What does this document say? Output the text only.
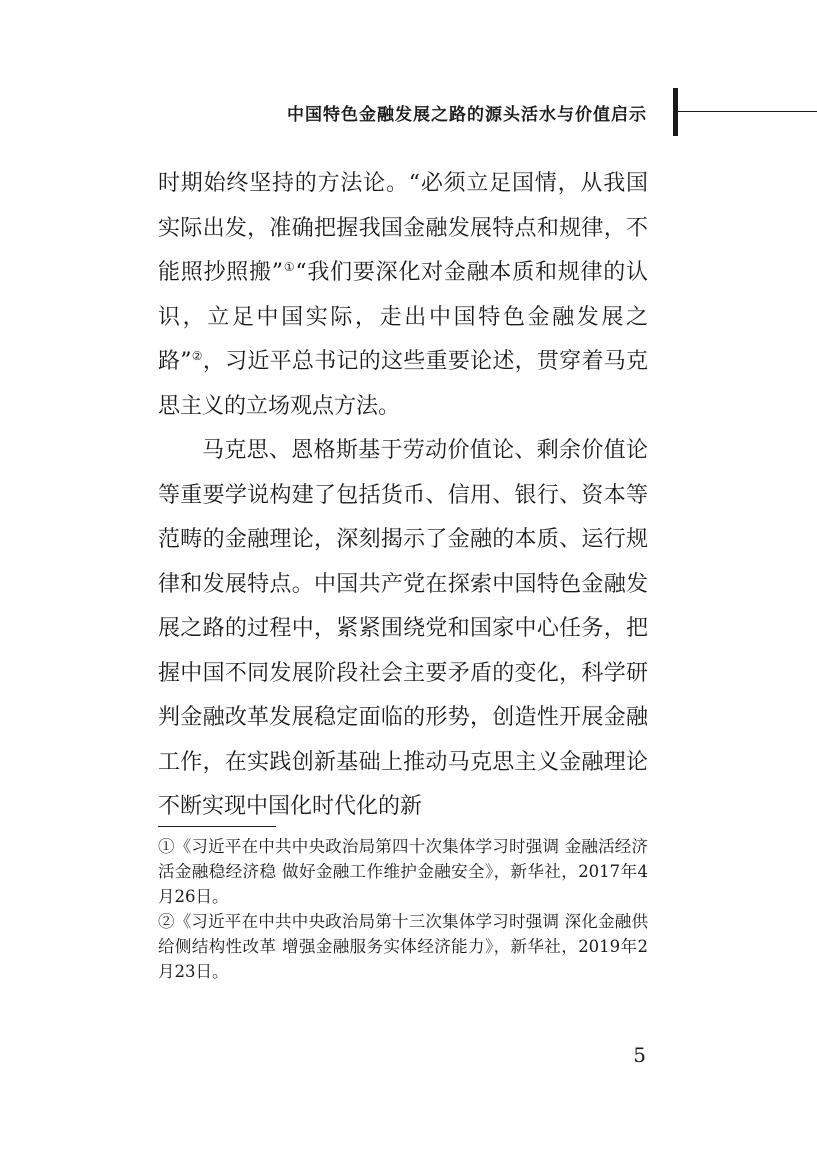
中国特色金融发展之路的源头活水与价值启示

时期始终坚持的方法论。“必须立足国情，从我国实际出发，准确把握我国金融发展特点和规律，不能照抄照搬”①“我们要深化对金融本质和规律的认识，立足中国实际，走出中国特色金融发展之路”②，习近平总书记的这些重要论述，贯穿着马克思主义的立场观点方法。

马克思、恩格斯基于劳动价值论、剩余价值论等重要学说构建了包括货币、信用、银行、资本等范畴的金融理论，深刻揭示了金融的本质、运行规律和发展特点。中国共产党在探索中国特色金融发展之路的过程中，紧紧围绕党和国家中心任务，把握中国不同发展阶段社会主要矛盾的变化，科学研判金融改革发展稳定面临的形势，创造性开展金融工作，在实践创新基础上推动马克思主义金融理论不断实现中国化时代化的新

①《习近平在中共中央政治局第四十次集体学习时强调 金融活经济活金融稳经济稳 做好金融工作维护金融安全》，新华社，2017年4月26日。

②《习近平在中共中央政治局第十三次集体学习时强调 深化金融供给侧结构性改革 增强金融服务实体经济能力》，新华社，2019年2月23日。

5
